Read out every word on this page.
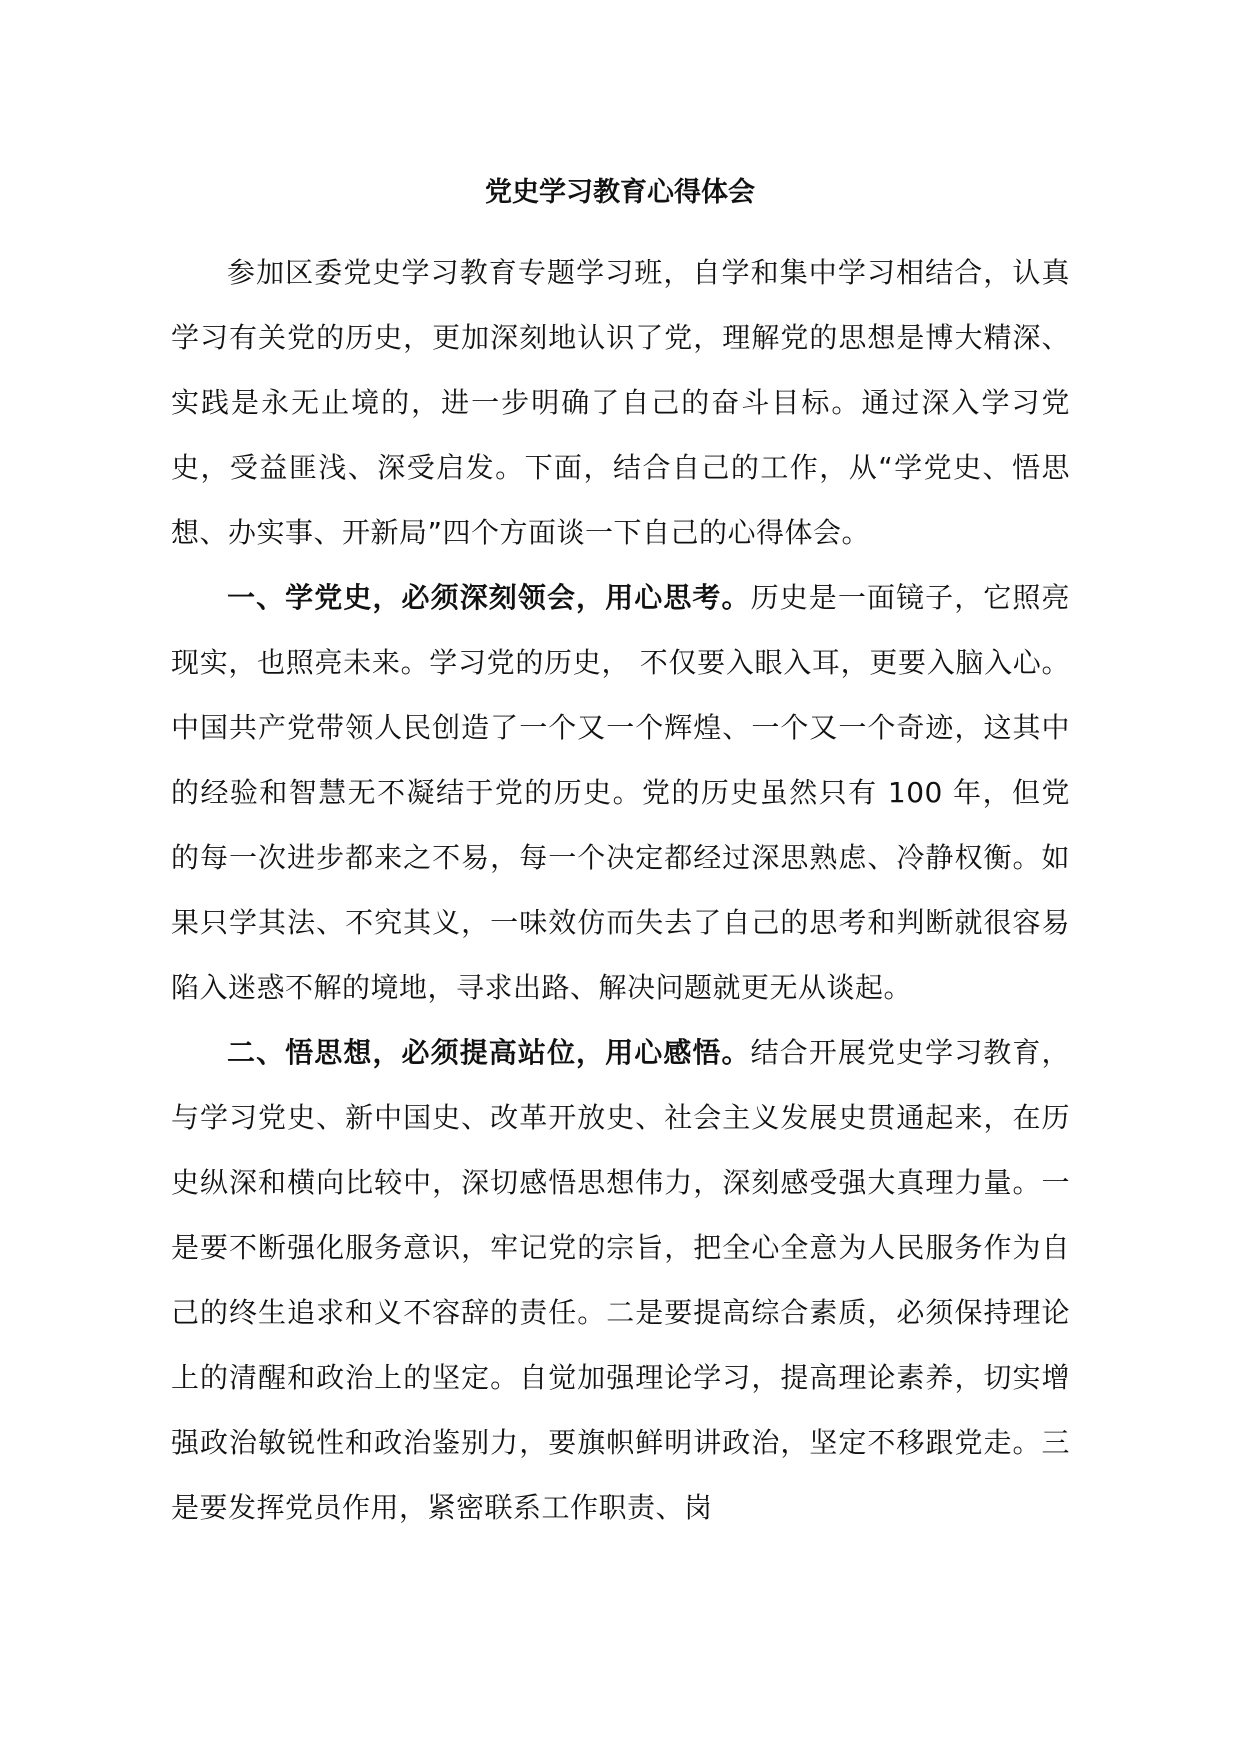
党史学习教育心得体会

参加区委党史学习教育专题学习班，自学和集中学习相结合，认真学习有关党的历史，更加深刻地认识了党，理解党的思想是博大精深、实践是永无止境的，进一步明确了自己的奋斗目标。通过深入学习党史，受益匪浅、深受启发。下面，结合自己的工作，从“学党史、悟思想、办实事、开新局”四个方面谈一下自己的心得体会。

一、学党史，必须深刻领会，用心思考。历史是一面镜子，它照亮现实，也照亮未来。学习党的历史， 不仅要入眼入耳，更要入脑入心。中国共产党带领人民创造了一个又一个辉煌、一个又一个奇迹，这其中的经验和智慧无不凝结于党的历史。党的历史虽然只有 100 年，但党的每一次进步都来之不易，每一个决定都经过深思熟虑、冷静权衡。如果只学其法、不究其义，一味效仿而失去了自己的思考和判断就很容易陷入迷惑不解的境地，寻求出路、解决问题就更无从谈起。

二、悟思想，必须提高站位，用心感悟。结合开展党史学习教育，与学习党史、新中国史、改革开放史、社会主义发展史贯通起来，在历史纵深和横向比较中，深切感悟思想伟力，深刻感受强大真理力量。一是要不断强化服务意识，牢记党的宗旨，把全心全意为人民服务作为自己的终生追求和义不容辞的责任。二是要提高综合素质，必须保持理论上的清醒和政治上的坚定。自觉加强理论学习，提高理论素养，切实增强政治敏锐性和政治鉴别力，要旗帜鲜明讲政治，坚定不移跟党走。三是要发挥党员作用，紧密联系工作职责、岗
